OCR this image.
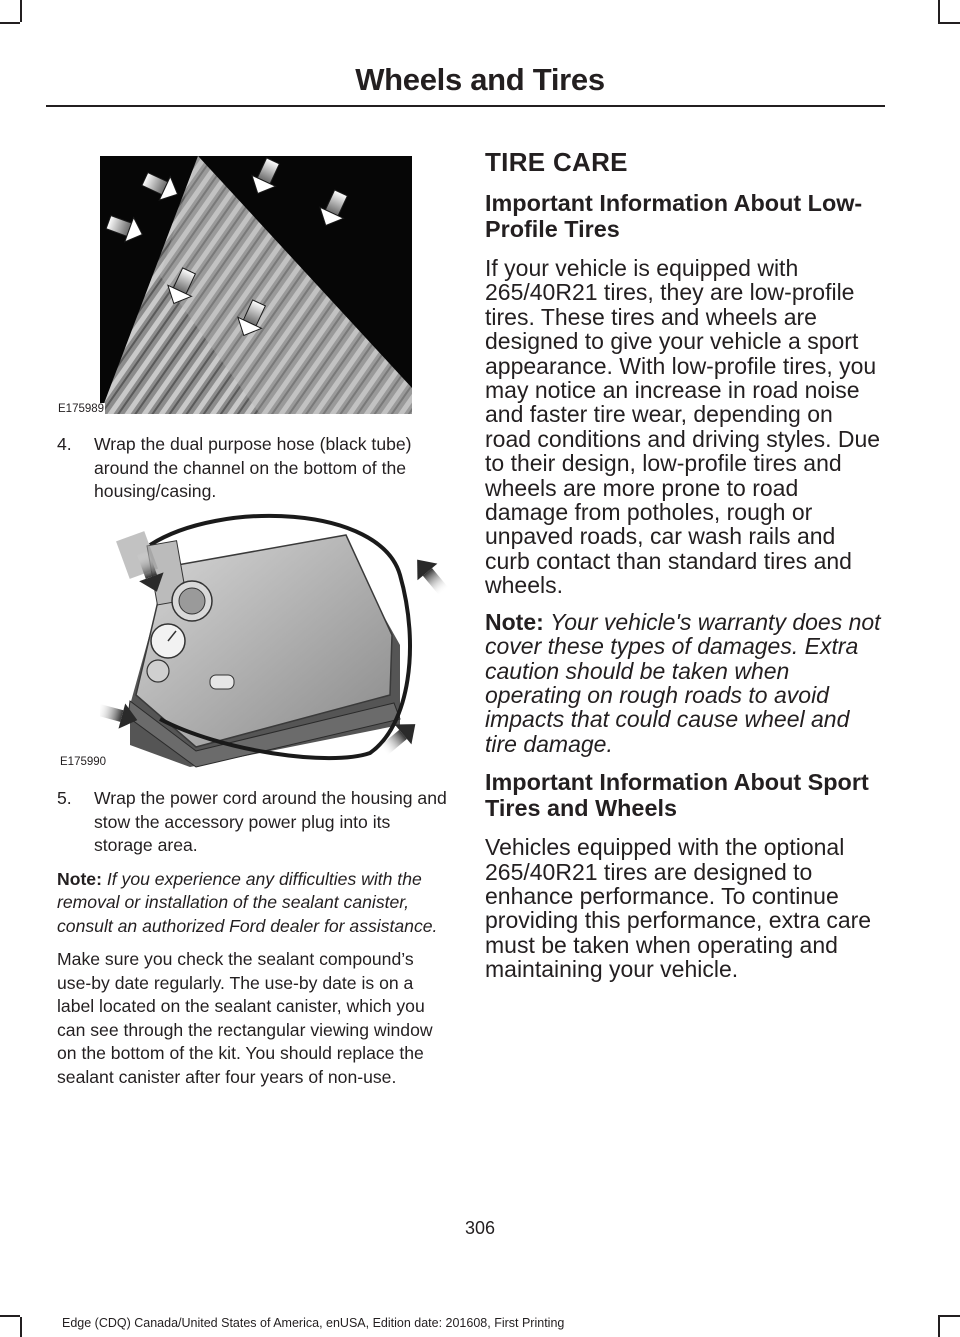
Wheels and Tires
E175989
4. Wrap the dual purpose hose (black tube) around the channel on the bottom of the housing/casing.
E175990
5. Wrap the power cord around the housing and stow the accessory power plug into its storage area.

Note: If you experience any difficulties with the removal or installation of the sealant canister, consult an authorized Ford dealer for assistance.

Make sure you check the sealant compound’s use-by date regularly. The use-by date is on a label located on the sealant canister, which you can see through the rectangular viewing window on the bottom of the kit. You should replace the sealant canister after four years of non-use.

TIRE CARE
Important Information About Low-Profile Tires

If your vehicle is equipped with 265/40R21 tires, they are low-profile tires. These tires and wheels are designed to give your vehicle a sport appearance. With low-profile tires, you may notice an increase in road noise and faster tire wear, depending on road conditions and driving styles. Due to their design, low-profile tires and wheels are more prone to road damage from potholes, rough or unpaved roads, car wash rails and curb contact than standard tires and wheels.

Note: Your vehicle's warranty does not cover these types of damages. Extra caution should be taken when operating on rough roads to avoid impacts that could cause wheel and tire damage.

Important Information About Sport Tires and Wheels

Vehicles equipped with the optional 265/40R21 tires are designed to enhance performance. To continue providing this performance, extra care must be taken when operating and maintaining your vehicle.

306
Edge (CDQ) Canada/United States of America, enUSA, Edition date: 201608, First Printing
